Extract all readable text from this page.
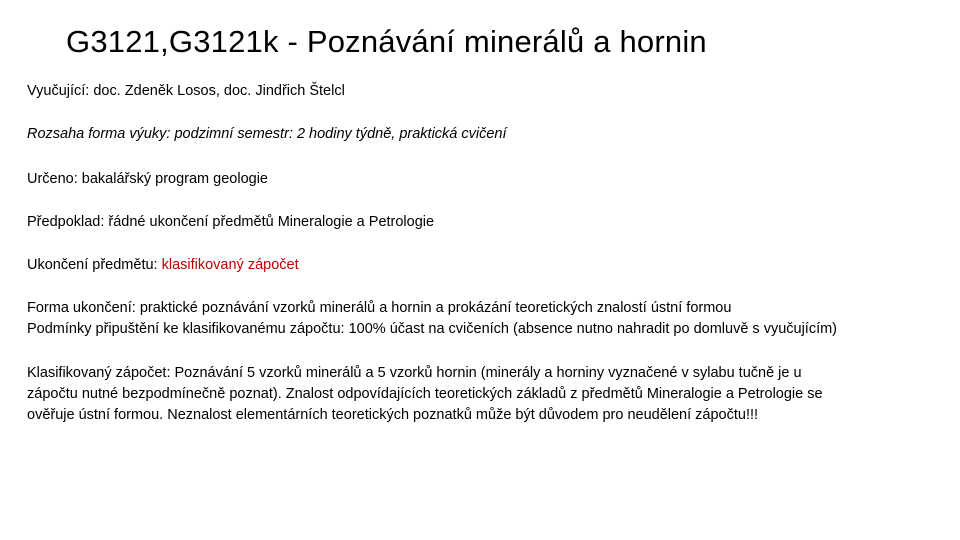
G3121,G3121k - Poznávání minerálů a hornin
Vyučující: doc. Zdeněk Losos, doc. Jindřich Štelcl
Rozsaha forma výuky: podzimní semestr: 2 hodiny týdně, praktická cvičení
Určeno: bakalářský program geologie
Předpoklad: řádné ukončení předmětů Mineralogie a Petrologie
Ukončení předmětu: klasifikovaný zápočet
Forma ukončení: praktické poznávání vzorků minerálů a hornin a prokázání teoretických znalostí ústní formou
Podmínky připuštění ke klasifikovanému zápočtu: 100% účast na cvičeních (absence nutno nahradit po domluvě s vyučujícím)
Klasifikovaný zápočet: Poznávání 5 vzorků minerálů a 5 vzorků hornin (minerály a horniny vyznačené v sylabu tučně je u
zápočtu nutné bezpodmínečně poznat). Znalost odpovídajících teoretických základů z předmětů Mineralogie a Petrologie se
ověřuje ústní formou. Neznalost elementárních teoretických poznatků může být důvodem pro neudělení zápočtu!!!
